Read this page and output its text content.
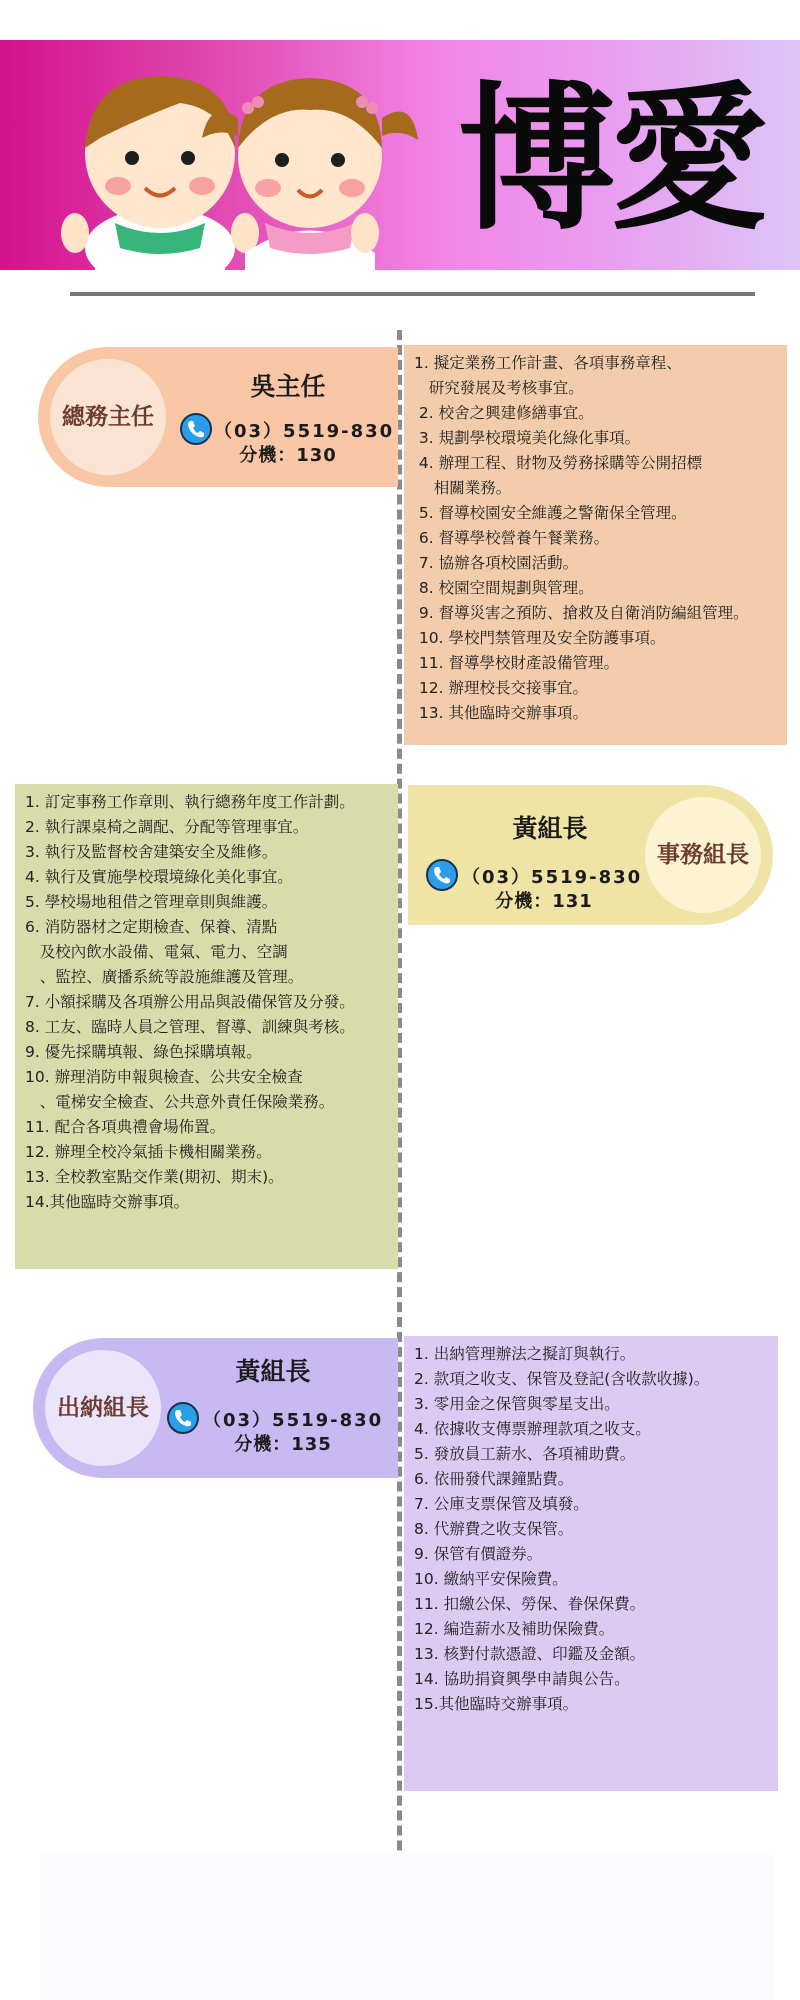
博愛
總務主任
吳主任
（03）5519-830
分機：130
1. 擬定業務工作計畫、各項事務章程、
研究發展及考核事宜。
2. 校舍之興建修繕事宜。
3. 規劃學校環境美化綠化事項。
4. 辦理工程、財物及勞務採購等公開招標
相關業務。
5. 督導校園安全維護之警衛保全管理。
6. 督導學校營養午餐業務。
7. 協辦各項校園活動。
8. 校園空間規劃與管理。
9. 督導災害之預防、搶救及自衛消防編組管理。
10. 學校門禁管理及安全防護事項。
11. 督導學校財產設備管理。
12. 辦理校長交接事宜。
13. 其他臨時交辦事項。
1. 訂定事務工作章則、執行總務年度工作計劃。
2. 執行課桌椅之調配、分配等管理事宜。
3. 執行及監督校舍建築安全及維修。
4. 執行及實施學校環境綠化美化事宜。
5. 學校場地租借之管理章則與維護。
6. 消防器材之定期檢查、保養、清點
及校內飲水設備、電氣、電力、空調
、監控、廣播系統等設施維護及管理。
7. 小額採購及各項辦公用品與設備保管及分發。
8. 工友、臨時人員之管理、督導、訓練與考核。
9. 優先採購填報、綠色採購填報。
10. 辦理消防申報與檢查、公共安全檢查
、電梯安全檢查、公共意外責任保險業務。
11. 配合各項典禮會場佈置。
12. 辦理全校冷氣插卡機相關業務。
13. 全校教室點交作業(期初、期末)。
14.其他臨時交辦事項。
事務組長
黃組長
（03）5519-830
分機：131
出納組長
黃組長
（03）5519-830
分機：135
1. 出納管理辦法之擬訂與執行。
2. 款項之收支、保管及登記(含收款收據)。
3. 零用金之保管與零星支出。
4. 依據收支傳票辦理款項之收支。
5. 發放員工薪水、各項補助費。
6. 依冊發代課鐘點費。
7. 公庫支票保管及填發。
8. 代辦費之收支保管。
9. 保管有價證券。
10. 繳納平安保險費。
11. 扣繳公保、勞保、眷保保費。
12. 編造薪水及補助保險費。
13. 核對付款憑證、印鑑及金額。
14. 協助捐資興學申請與公告。
15.其他臨時交辦事項。
